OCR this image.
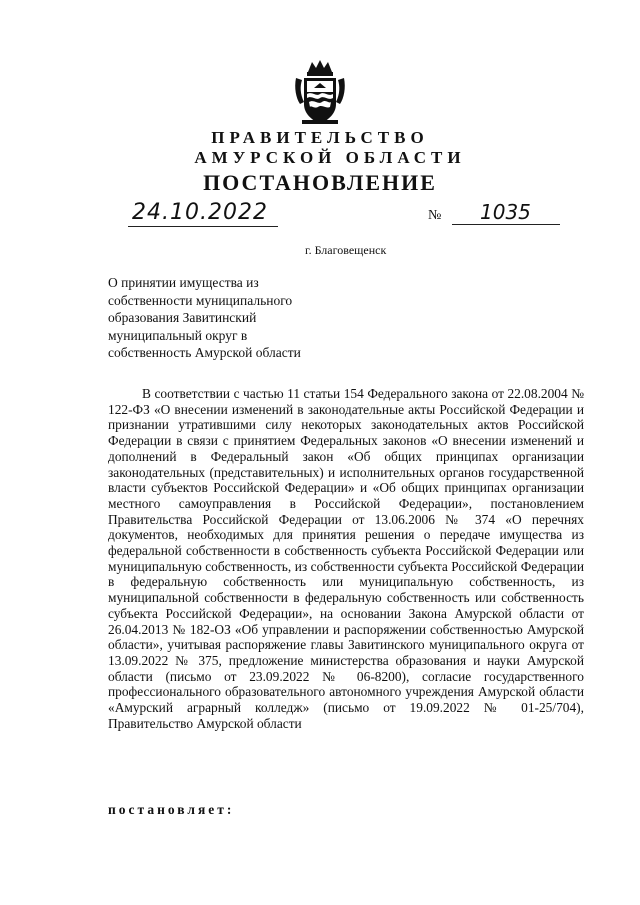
ПРАВИТЕЛЬСТВО
АМУРСКОЙ ОБЛАСТИ
ПОСТАНОВЛЕНИЕ
24.10.2022	№ 1035
г. Благовещенск
О принятии имущества из
собственности муниципального
образования Завитинский
муниципальный округ в
собственность Амурской области

В соответствии с частью 11 статьи 154 Федерального закона от 22.08.2004 № 122-ФЗ «О внесении изменений в законодательные акты Российской Федерации и признании утратившими силу некоторых законодательных актов Российской Федерации в связи с принятием Федеральных законов «О внесении изменений и дополнений в Федеральный закон «Об общих принципах организации законодательных (представительных) и исполнительных органов государственной власти субъектов Российской Федерации» и «Об общих принципах организации местного самоуправления в Российской Федерации», постановлением Правительства Российской Федерации от 13.06.2006 № 374 «О перечнях документов, необходимых для принятия решения о передаче имущества из федеральной собственности в собственность субъекта Российской Федерации или муниципальную собственность, из собственности субъекта Российской Федерации в федеральную собственность или муниципальную собственность, из муниципальной собственности в федеральную собственность или собственность субъекта Российской Федерации», на основании Закона Амурской области от 26.04.2013 № 182-ОЗ «Об управлении и распоряжении собственностью Амурской области», учитывая распоряжение главы Завитинского муниципального округа от 13.09.2022 № 375, предложение министерства образования и науки Амурской области (письмо от 23.09.2022 № 06-8200), согласие государственного профессионального образовательного автономного учреждения Амурской области «Амурский аграрный колледж» (письмо от 19.09.2022 № 01-25/704), Правительство Амурской области

постановляет:
